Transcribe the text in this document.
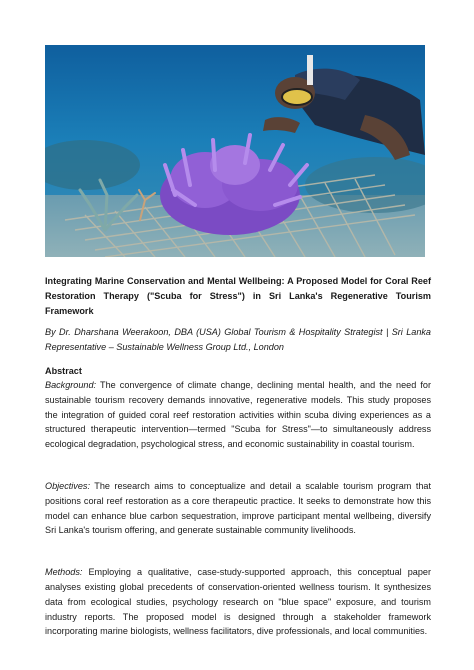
Integrating Marine Conservation and Mental Wellbeing: A Proposed Model for Coral Reef Restoration Therapy ("Scuba for Stress") in Sri Lanka's Regenerative Tourism Framework

By Dr. Dharshana Weerakoon, DBA (USA) Global Tourism & Hospitality Strategist | Sri Lanka Representative – Sustainable Wellness Group Ltd., London

Abstract

Background: The convergence of climate change, declining mental health, and the need for sustainable tourism recovery demands innovative, regenerative models. This study proposes the integration of guided coral reef restoration activities within scuba diving experiences as a structured therapeutic intervention—termed "Scuba for Stress"—to simultaneously address ecological degradation, psychological stress, and economic sustainability in coastal tourism.

Objectives: The research aims to conceptualize and detail a scalable tourism program that positions coral reef restoration as a core therapeutic practice. It seeks to demonstrate how this model can enhance blue carbon sequestration, improve participant mental wellbeing, diversify Sri Lanka's tourism offering, and generate sustainable community livelihoods.

Methods: Employing a qualitative, case-study-supported approach, this conceptual paper analyses existing global precedents of conservation-oriented wellness tourism. It synthesizes data from ecological studies, psychology research on "blue space" exposure, and tourism industry reports. The proposed model is designed through a stakeholder framework incorporating marine biologists, wellness facilitators, dive professionals, and local communities.
